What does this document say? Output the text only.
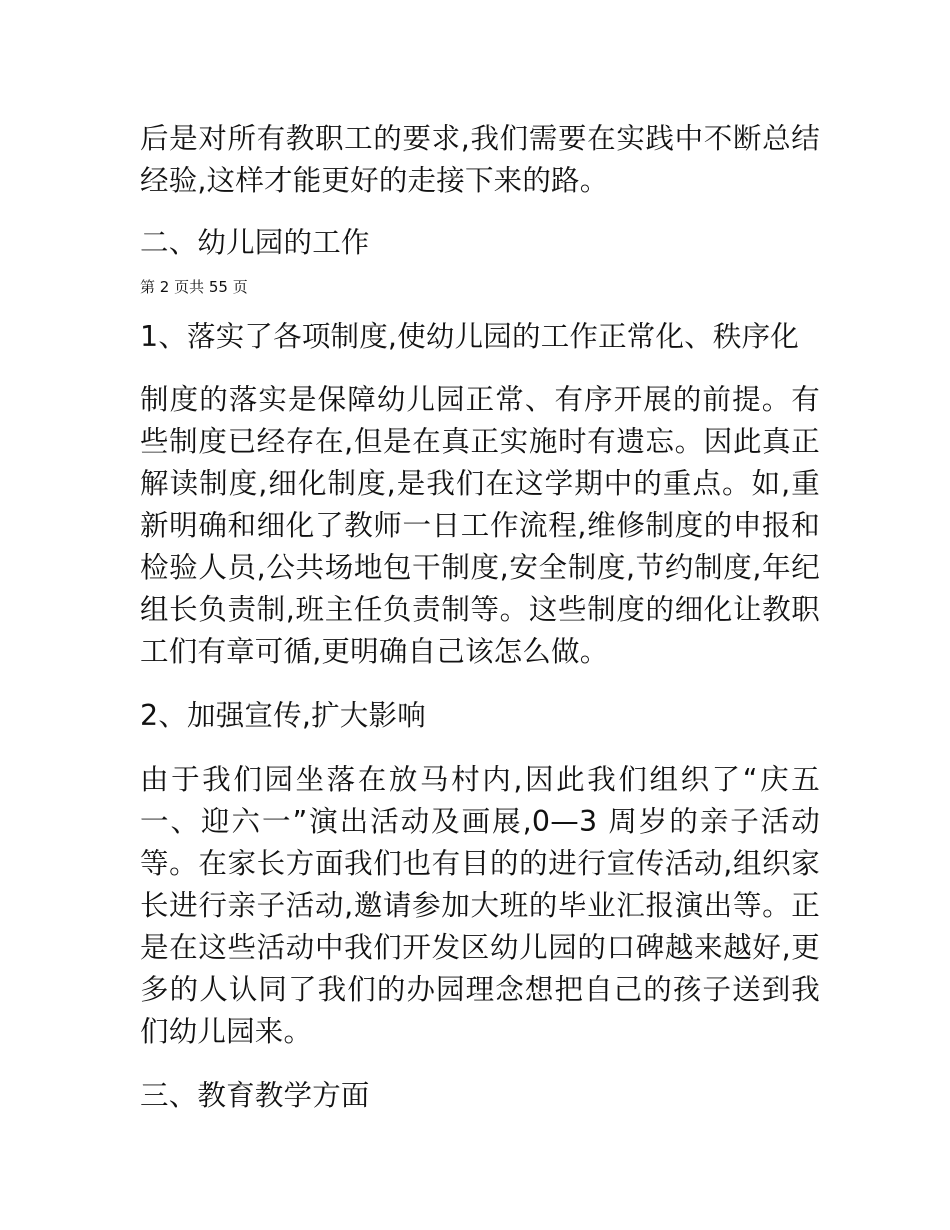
后是对所有教职工的要求,我们需要在实践中不断总结经验,这样才能更好的走接下来的路。

二、幼儿园的工作

第 2 页共 55 页

1、落实了各项制度,使幼儿园的工作正常化、秩序化

制度的落实是保障幼儿园正常、有序开展的前提。有些制度已经存在,但是在真正实施时有遗忘。因此真正解读制度,细化制度,是我们在这学期中的重点。如,重新明确和细化了教师一日工作流程,维修制度的申报和检验人员,公共场地包干制度,安全制度,节约制度,年纪组长负责制,班主任负责制等。这些制度的细化让教职工们有章可循,更明确自己该怎么做。

2、加强宣传,扩大影响

由于我们园坐落在放马村内,因此我们组织了“庆五一、迎六一”演出活动及画展,0—3 周岁的亲子活动等。在家长方面我们也有目的的进行宣传活动,组织家长进行亲子活动,邀请参加大班的毕业汇报演出等。正是在这些活动中我们开发区幼儿园的口碑越来越好,更多的人认同了我们的办园理念想把自己的孩子送到我们幼儿园来。

三、教育教学方面
